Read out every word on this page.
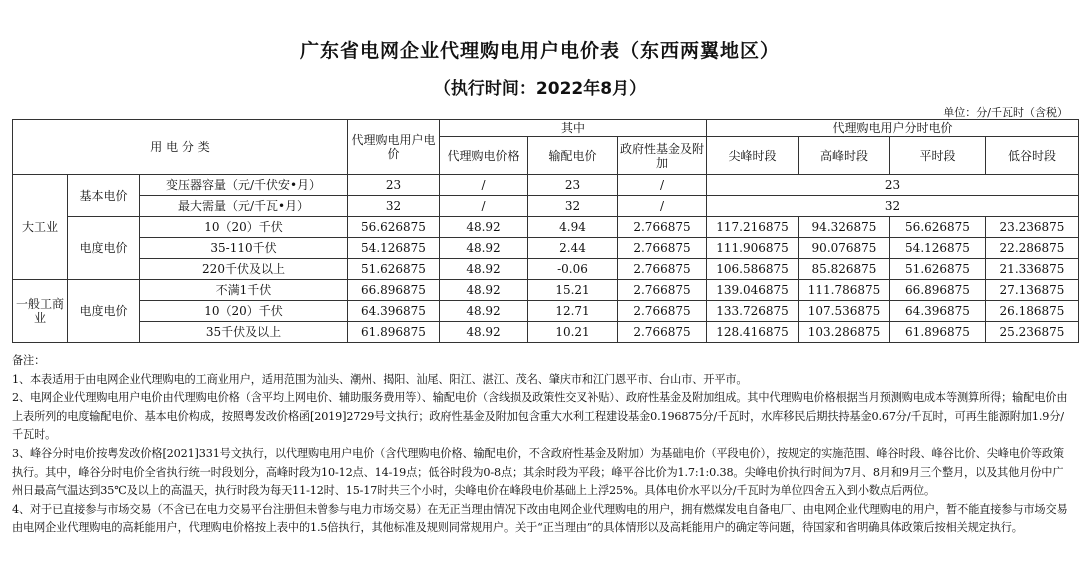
广东省电网企业代理购电用户电价表（东西两翼地区）
（执行时间：2022年8月）
单位：分/千瓦时（含税）
用 电 分 类			代理购电用户电价	其中			代理购电用户分时电价			
				代理购电价格	输配电价	政府性基金及附加	尖峰时段	高峰时段	平时段	低谷时段
大工业	基本电价	变压器容量（元/千伏安•月）	23	/	23	/	23			
		最大需量（元/千瓦•月）	32	/	32	/	32			
	电度电价	10（20）千伏	56.626875	48.92	4.94	2.766875	117.216875	94.326875	56.626875	23.236875
		35-110千伏	54.126875	48.92	2.44	2.766875	111.906875	90.076875	54.126875	22.286875
		220千伏及以上	51.626875	48.92	-0.06	2.766875	106.586875	85.826875	51.626875	21.336875
一般工商业	电度电价	不满1千伏	66.896875	48.92	15.21	2.766875	139.046875	111.786875	66.896875	27.136875
		10（20）千伏	64.396875	48.92	12.71	2.766875	133.726875	107.536875	64.396875	26.186875
		35千伏及以上	61.896875	48.92	10.21	2.766875	128.416875	103.286875	61.896875	25.236875

备注：

1、本表适用于由电网企业代理购电的工商业用户，适用范围为汕头、潮州、揭阳、汕尾、阳江、湛江、茂名、肇庆市和江门恩平市、台山市、开平市。

2、电网企业代理购电用户电价由代理购电价格（含平均上网电价、辅助服务费用等）、输配电价（含线损及政策性交叉补贴）、政府性基金及附加组成。其中代理购电价格根据当月预测购电成本等测算所得；输配电价由上表所列的电度输配电价、基本电价构成，按照粤发改价格函[2019]2729号文执行；政府性基金及附加包含重大水利工程建设基金0.196875分/千瓦时，水库移民后期扶持基金0.67分/千瓦时，可再生能源附加1.9分/千瓦时。

3、峰谷分时电价按粤发改价格[2021]331号文执行，以代理购电用户电价（含代理购电价格、输配电价，不含政府性基金及附加）为基础电价（平段电价），按规定的实施范围、峰谷时段、峰谷比价、尖峰电价等政策执行。其中，峰谷分时电价全省执行统一时段划分，高峰时段为10-12点、14-19点；低谷时段为0-8点；其余时段为平段；峰平谷比价为1.7:1:0.38。尖峰电价执行时间为7月、8月和9月三个整月，以及其他月份中广州日最高气温达到35℃及以上的高温天，执行时段为每天11-12时、15-17时共三个小时，尖峰电价在峰段电价基础上上浮25%。具体电价水平以分/千瓦时为单位四舍五入到小数点后两位。

4、对于已直接参与市场交易（不含已在电力交易平台注册但未曾参与电力市场交易）在无正当理由情况下改由电网企业代理购电的用户，拥有燃煤发电自备电厂、由电网企业代理购电的用户，暂不能直接参与市场交易由电网企业代理购电的高耗能用户，代理购电价格按上表中的1.5倍执行，其他标准及规则同常规用户。关于“正当理由”的具体情形以及高耗能用户的确定等问题，待国家和省明确具体政策后按相关规定执行。
